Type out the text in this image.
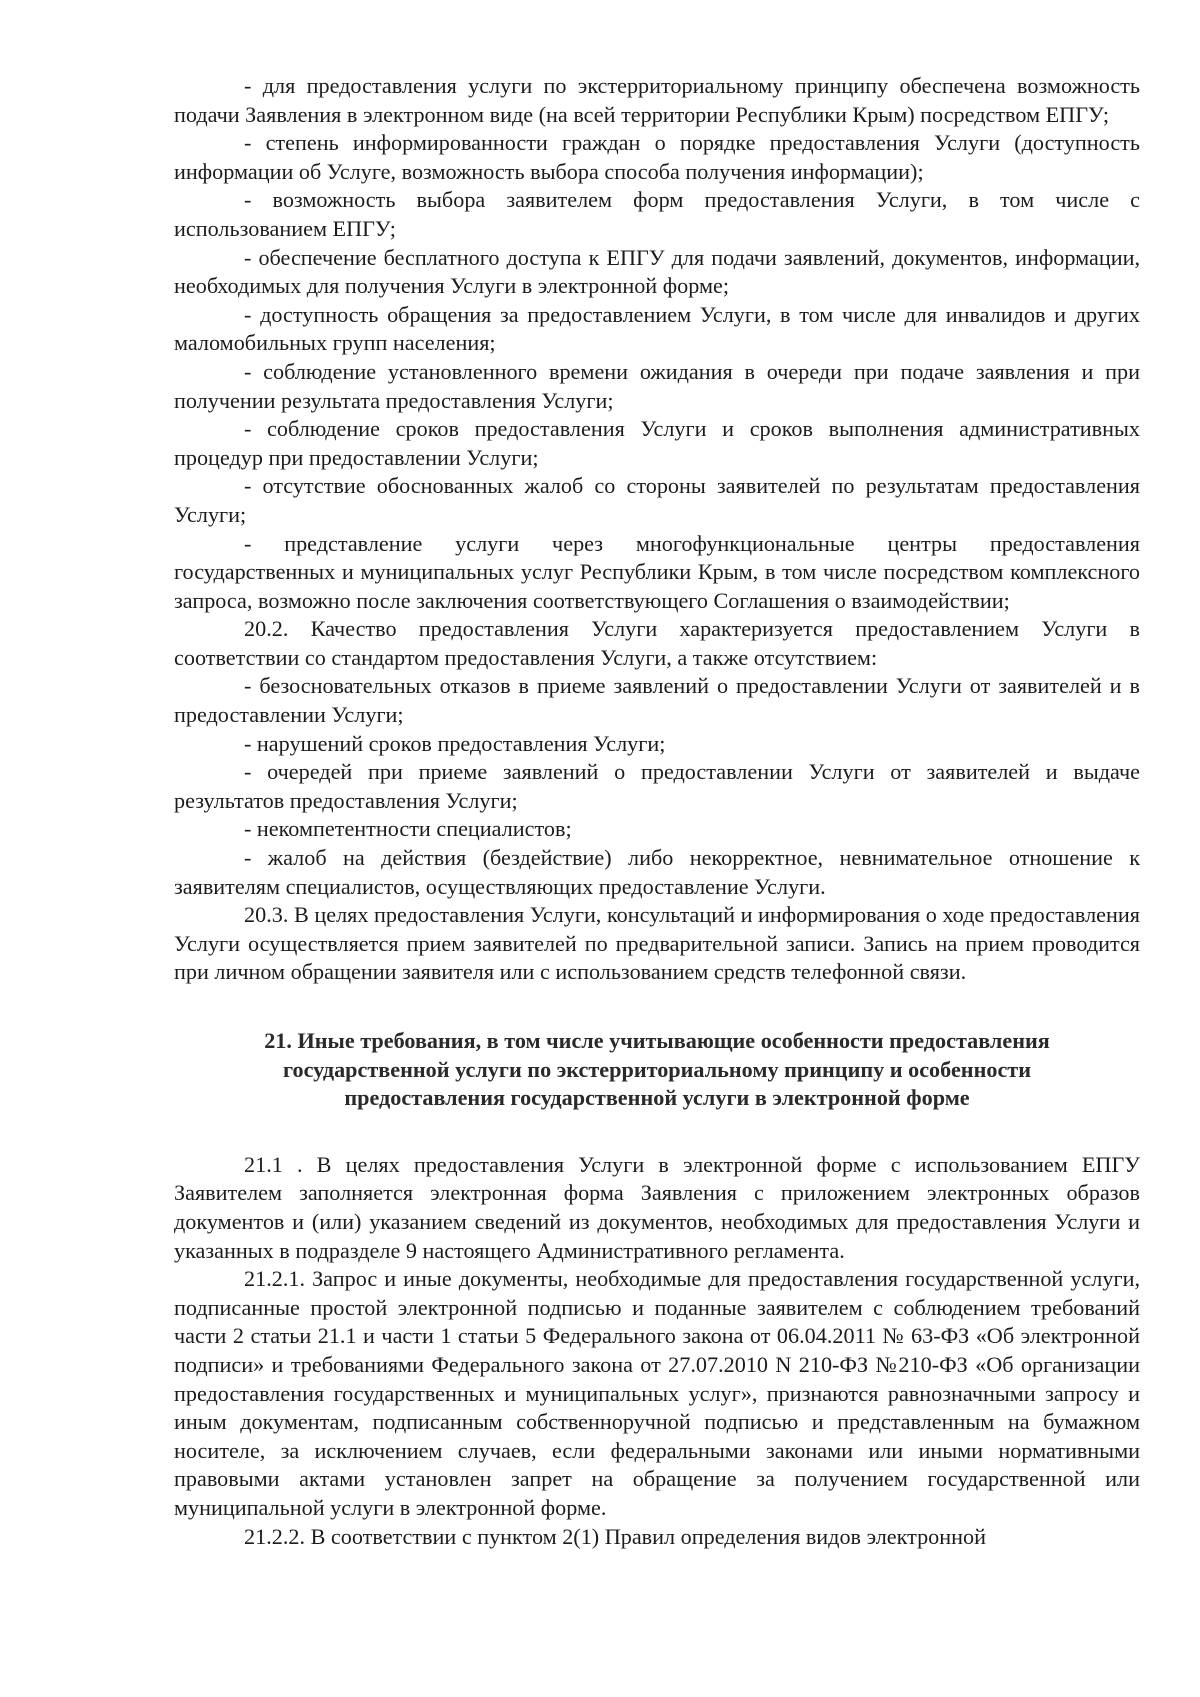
- для предоставления услуги по экстерриториальному принципу обеспечена возможность подачи Заявления в электронном виде (на всей территории Республики Крым) посредством ЕПГУ;

- степень информированности граждан о порядке предоставления Услуги (доступность информации об Услуге, возможность выбора способа получения информации);

- возможность выбора заявителем форм предоставления Услуги, в том числе с использованием ЕПГУ;

- обеспечение бесплатного доступа к ЕПГУ для подачи заявлений, документов, информации, необходимых для получения Услуги в электронной форме;

- доступность обращения за предоставлением Услуги, в том числе для инвалидов и других маломобильных групп населения;

- соблюдение установленного времени ожидания в очереди при подаче заявления и при получении результата предоставления Услуги;

- соблюдение сроков предоставления Услуги и сроков выполнения административных процедур при предоставлении Услуги;

- отсутствие обоснованных жалоб со стороны заявителей по результатам предоставления Услуги;

- представление услуги через многофункциональные центры предоставления государственных и муниципальных услуг Республики Крым, в том числе посредством комплексного запроса, возможно после заключения соответствующего Соглашения о взаимодействии;

20.2. Качество предоставления Услуги характеризуется предоставлением Услуги в соответствии со стандартом предоставления Услуги, а также отсутствием:

- безосновательных отказов в приеме заявлений о предоставлении Услуги от заявителей и в предоставлении Услуги;

- нарушений сроков предоставления Услуги;

- очередей при приеме заявлений о предоставлении Услуги от заявителей и выдаче результатов предоставления Услуги;

- некомпетентности специалистов;

- жалоб на действия (бездействие) либо некорректное, невнимательное отношение к заявителям специалистов, осуществляющих предоставление Услуги.

20.3. В целях предоставления Услуги, консультаций и информирования о ходе предоставления Услуги осуществляется прием заявителей по предварительной записи. Запись на прием проводится при личном обращении заявителя или с использованием средств телефонной связи.

21. Иные требования, в том числе учитывающие особенности предоставления
государственной услуги по экстерриториальному принципу и особенности
предоставления государственной услуги в электронной форме

21.1 . В целях предоставления Услуги в электронной форме с использованием ЕПГУ Заявителем заполняется электронная форма Заявления с приложением электронных образов документов и (или) указанием сведений из документов, необходимых для предоставления Услуги и указанных в подразделе 9 настоящего Административного регламента.

21.2.1. Запрос и иные документы, необходимые для предоставления государственной услуги, подписанные простой электронной подписью и поданные заявителем с соблюдением требований части 2 статьи 21.1 и части 1 статьи 5 Федерального закона от 06.04.2011 № 63-ФЗ «Об электронной подписи» и требованиями Федерального закона от 27.07.2010 N 210-ФЗ №210-ФЗ «Об организации предоставления государственных и муниципальных услуг», признаются равнозначными запросу и иным документам, подписанным собственноручной подписью и представленным на бумажном носителе, за исключением случаев, если федеральными законами или иными нормативными правовыми актами установлен запрет на обращение за получением государственной или муниципальной услуги в электронной форме.

21.2.2. В соответствии с пунктом 2(1) Правил определения видов электронной
